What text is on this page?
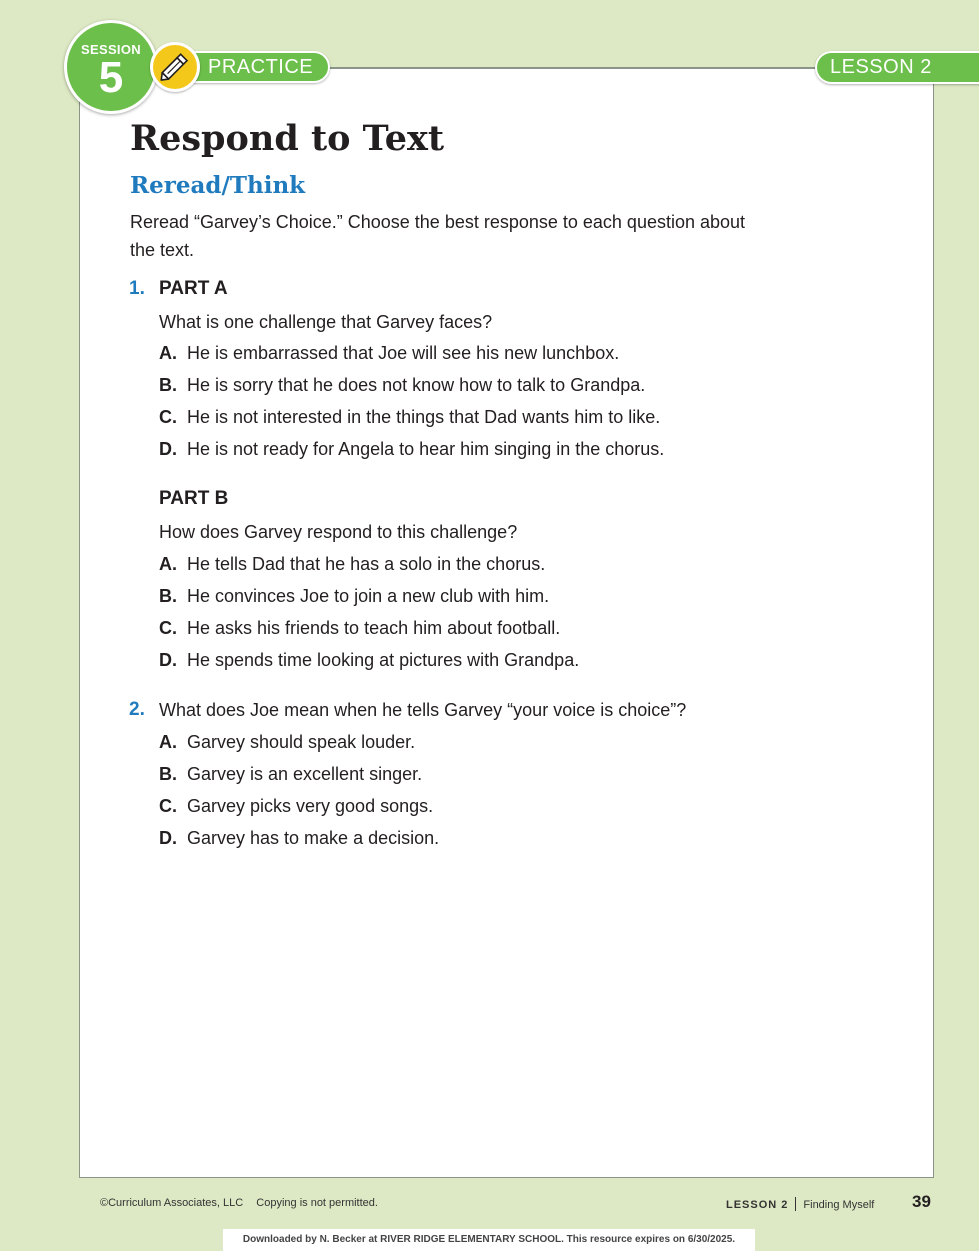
SESSION
5	PRACTICE	LESSON 2
Respond to Text
Reread/Think
Reread “Garvey’s Choice.” Choose the best response to each question about the text.
1. PART A
What is one challenge that Garvey faces?
A. He is embarrassed that Joe will see his new lunchbox.
B. He is sorry that he does not know how to talk to Grandpa.
C. He is not interested in the things that Dad wants him to like.
D. He is not ready for Angela to hear him singing in the chorus.
PART B
How does Garvey respond to this challenge?
A. He tells Dad that he has a solo in the chorus.
B. He convinces Joe to join a new club with him.
C. He asks his friends to teach him about football.
D. He spends time looking at pictures with Grandpa.
2. What does Joe mean when he tells Garvey “your voice is choice”?
A. Garvey should speak louder.
B. Garvey is an excellent singer.
C. Garvey picks very good songs.
D. Garvey has to make a decision.
©Curriculum Associates, LLC Copying is not permitted.	LESSON 2 Finding Myself 39
Downloaded by N. Becker at RIVER RIDGE ELEMENTARY SCHOOL. This resource expires on 6/30/2025.
